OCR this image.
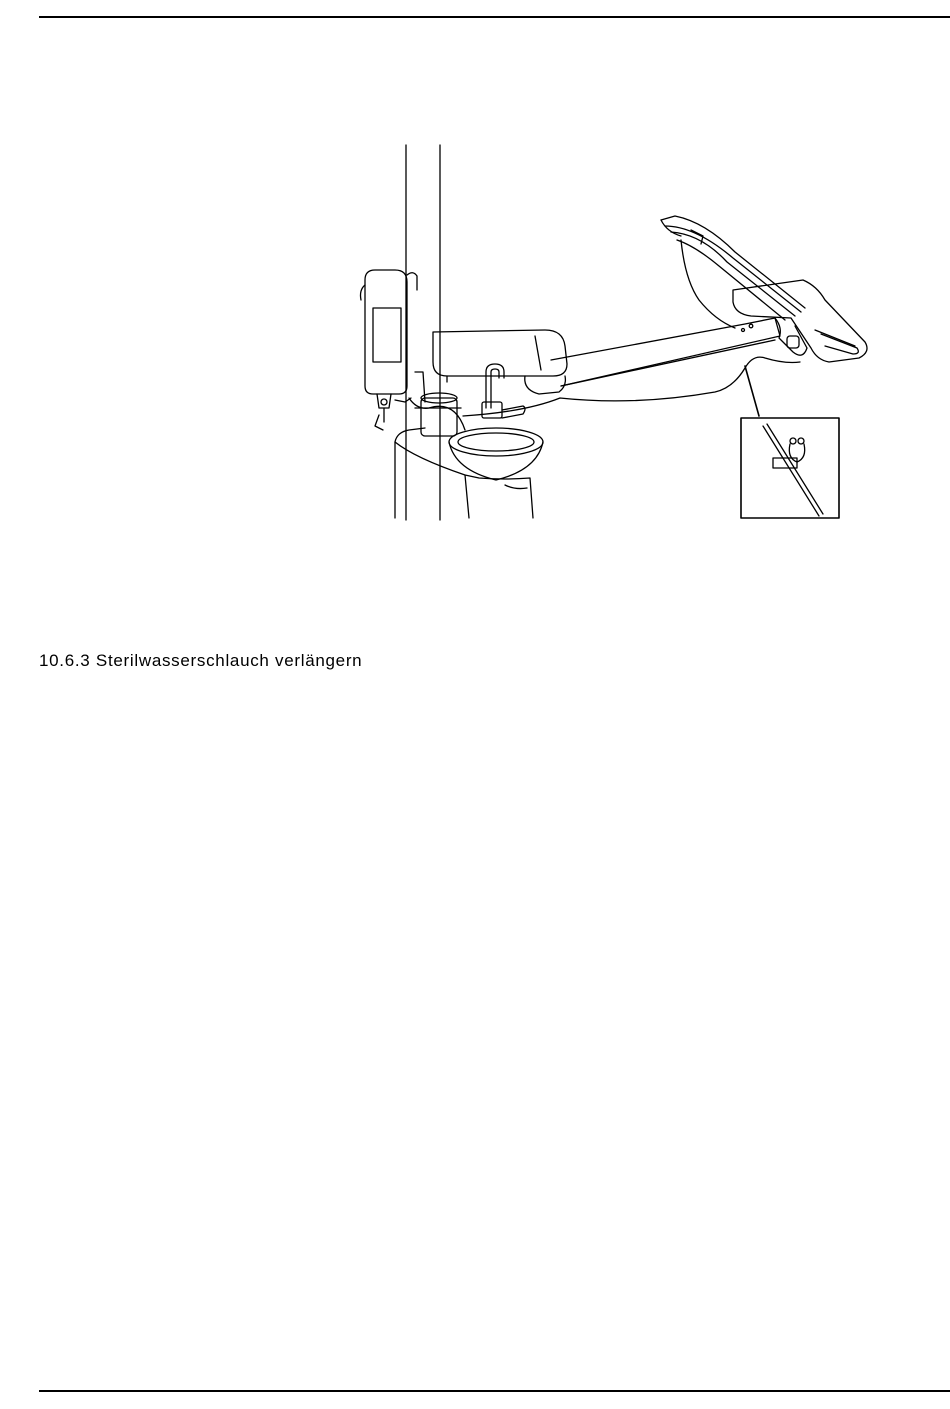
10.6.3 Sterilwasserschlauch verlängern
